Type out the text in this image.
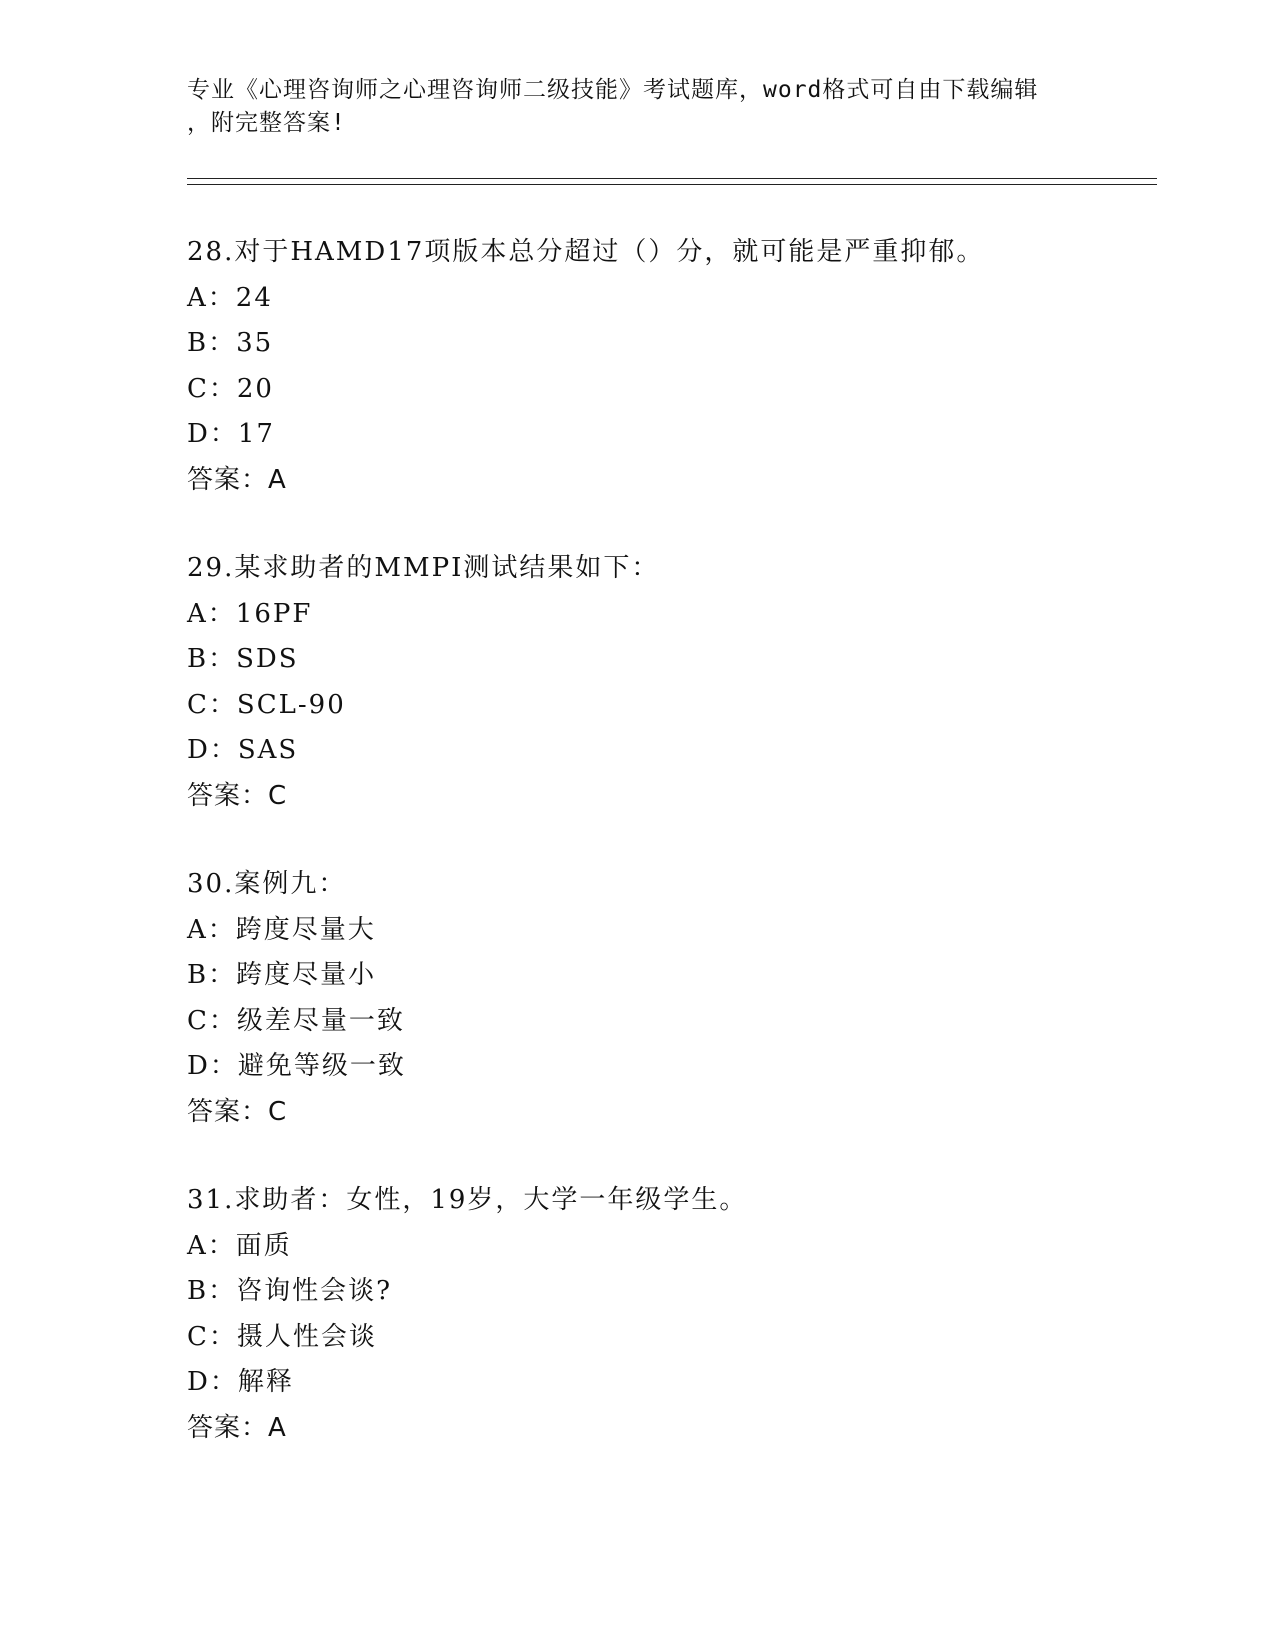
专业《心理咨询师之心理咨询师二级技能》考试题库，word格式可自由下载编辑
，附完整答案!
28.对于HAMD17项版本总分超过（）分，就可能是严重抑郁。
A：24
B：35
C：20
D：17
答案：A
29.某求助者的MMPI测试结果如下：
A：16PF
B：SDS
C：SCL-90
D：SAS
答案：C
30.案例九：
A：跨度尽量大
B：跨度尽量小
C：级差尽量一致
D：避免等级一致
答案：C
31.求助者：女性，19岁，大学一年级学生。
A：面质
B：咨询性会谈?
C：摄人性会谈
D：解释
答案：A
